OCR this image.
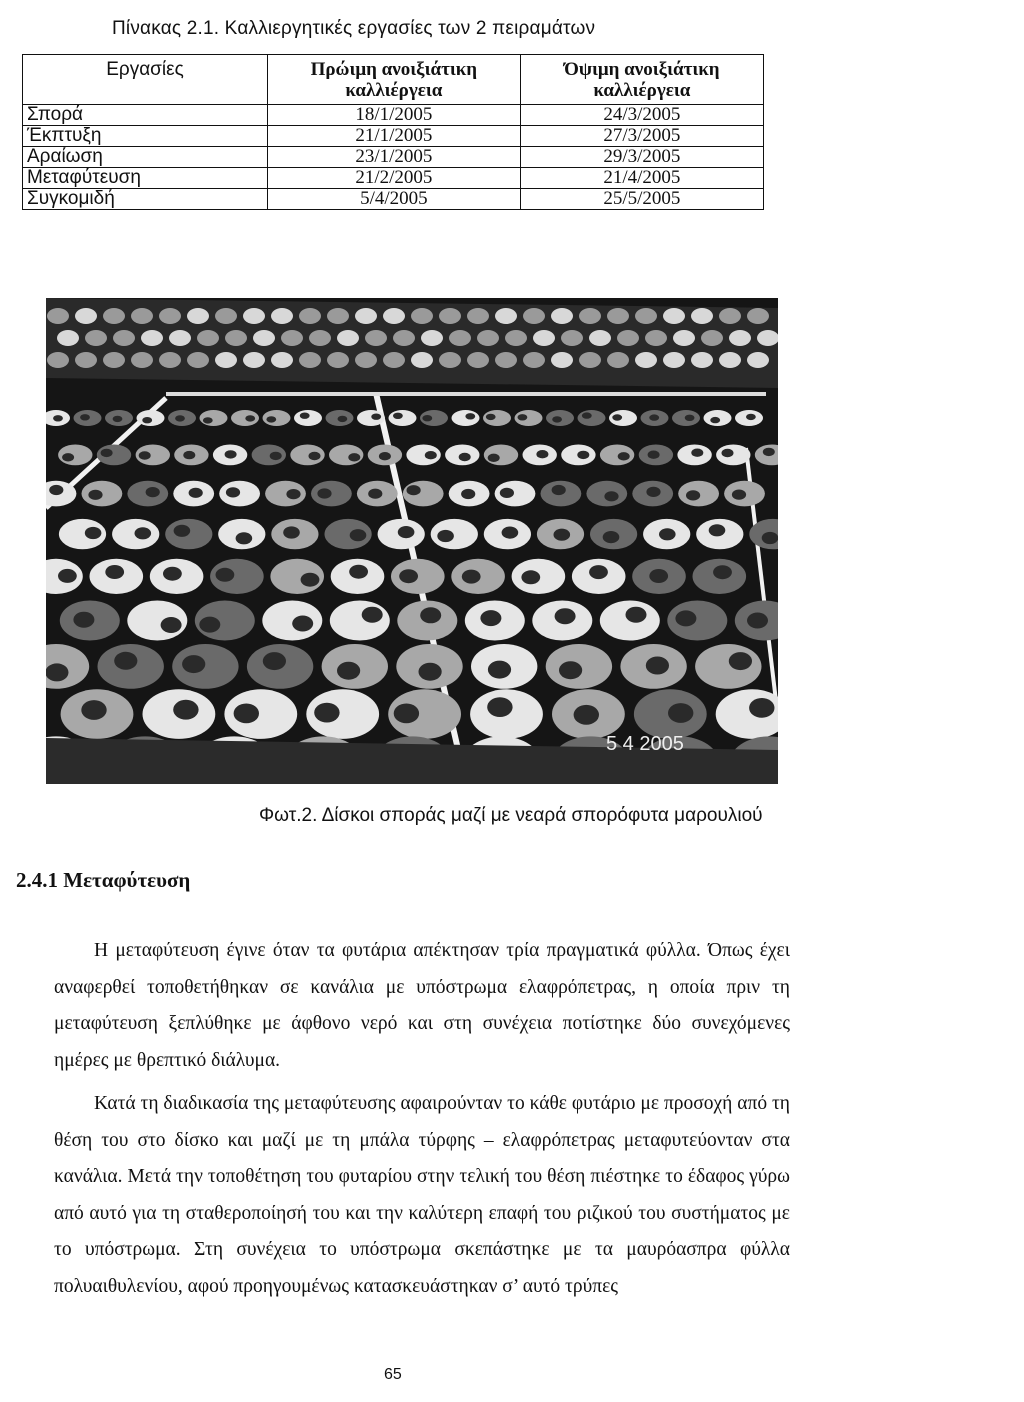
Πίνακας 2.1. Καλλιεργητικές εργασίες των 2 πειραμάτων
Εργασίες	Πρώιμη ανοιξιάτικη καλλιέργεια	Όψιμη ανοιξιάτικη καλλιέργεια
Σπορά	18/1/2005	24/3/2005
Έκπτυξη	21/1/2005	27/3/2005
Αραίωση	23/1/2005	29/3/2005
Μεταφύτευση	21/2/2005	21/4/2005
Συγκομιδή	5/4/2005	25/5/2005
5 4 2005
Φωτ.2. Δίσκοι σποράς μαζί με νεαρά σπορόφυτα μαρουλιού
2.4.1 Μεταφύτευση

Η μεταφύτευση έγινε όταν τα φυτάρια απέκτησαν τρία πραγματικά φύλλα. Όπως έχει αναφερθεί τοποθετήθηκαν σε κανάλια με υπόστρωμα ελαφρόπετρας, η οποία πριν τη μεταφύτευση ξεπλύθηκε με άφθονο νερό και στη συνέχεια ποτίστηκε δύο συνεχόμενες ημέρες με θρεπτικό διάλυμα.

Κατά τη διαδικασία της μεταφύτευσης αφαιρούνταν το κάθε φυτάριο με προσοχή από τη θέση του στο δίσκο και μαζί με τη μπάλα τύρφης – ελαφρόπετρας μεταφυτεύονταν στα κανάλια. Μετά την τοποθέτηση του φυταρίου στην τελική του θέση πιέστηκε το έδαφος γύρω από αυτό για τη σταθεροποίησή του και την καλύτερη επαφή του ριζικού του συστήματος με το υπόστρωμα. Στη συνέχεια το υπόστρωμα σκεπάστηκε με τα μαυρόασπρα φύλλα πολυαιθυλενίου, αφού προηγουμένως κατασκευάστηκαν σ’ αυτό τρύπες

65
